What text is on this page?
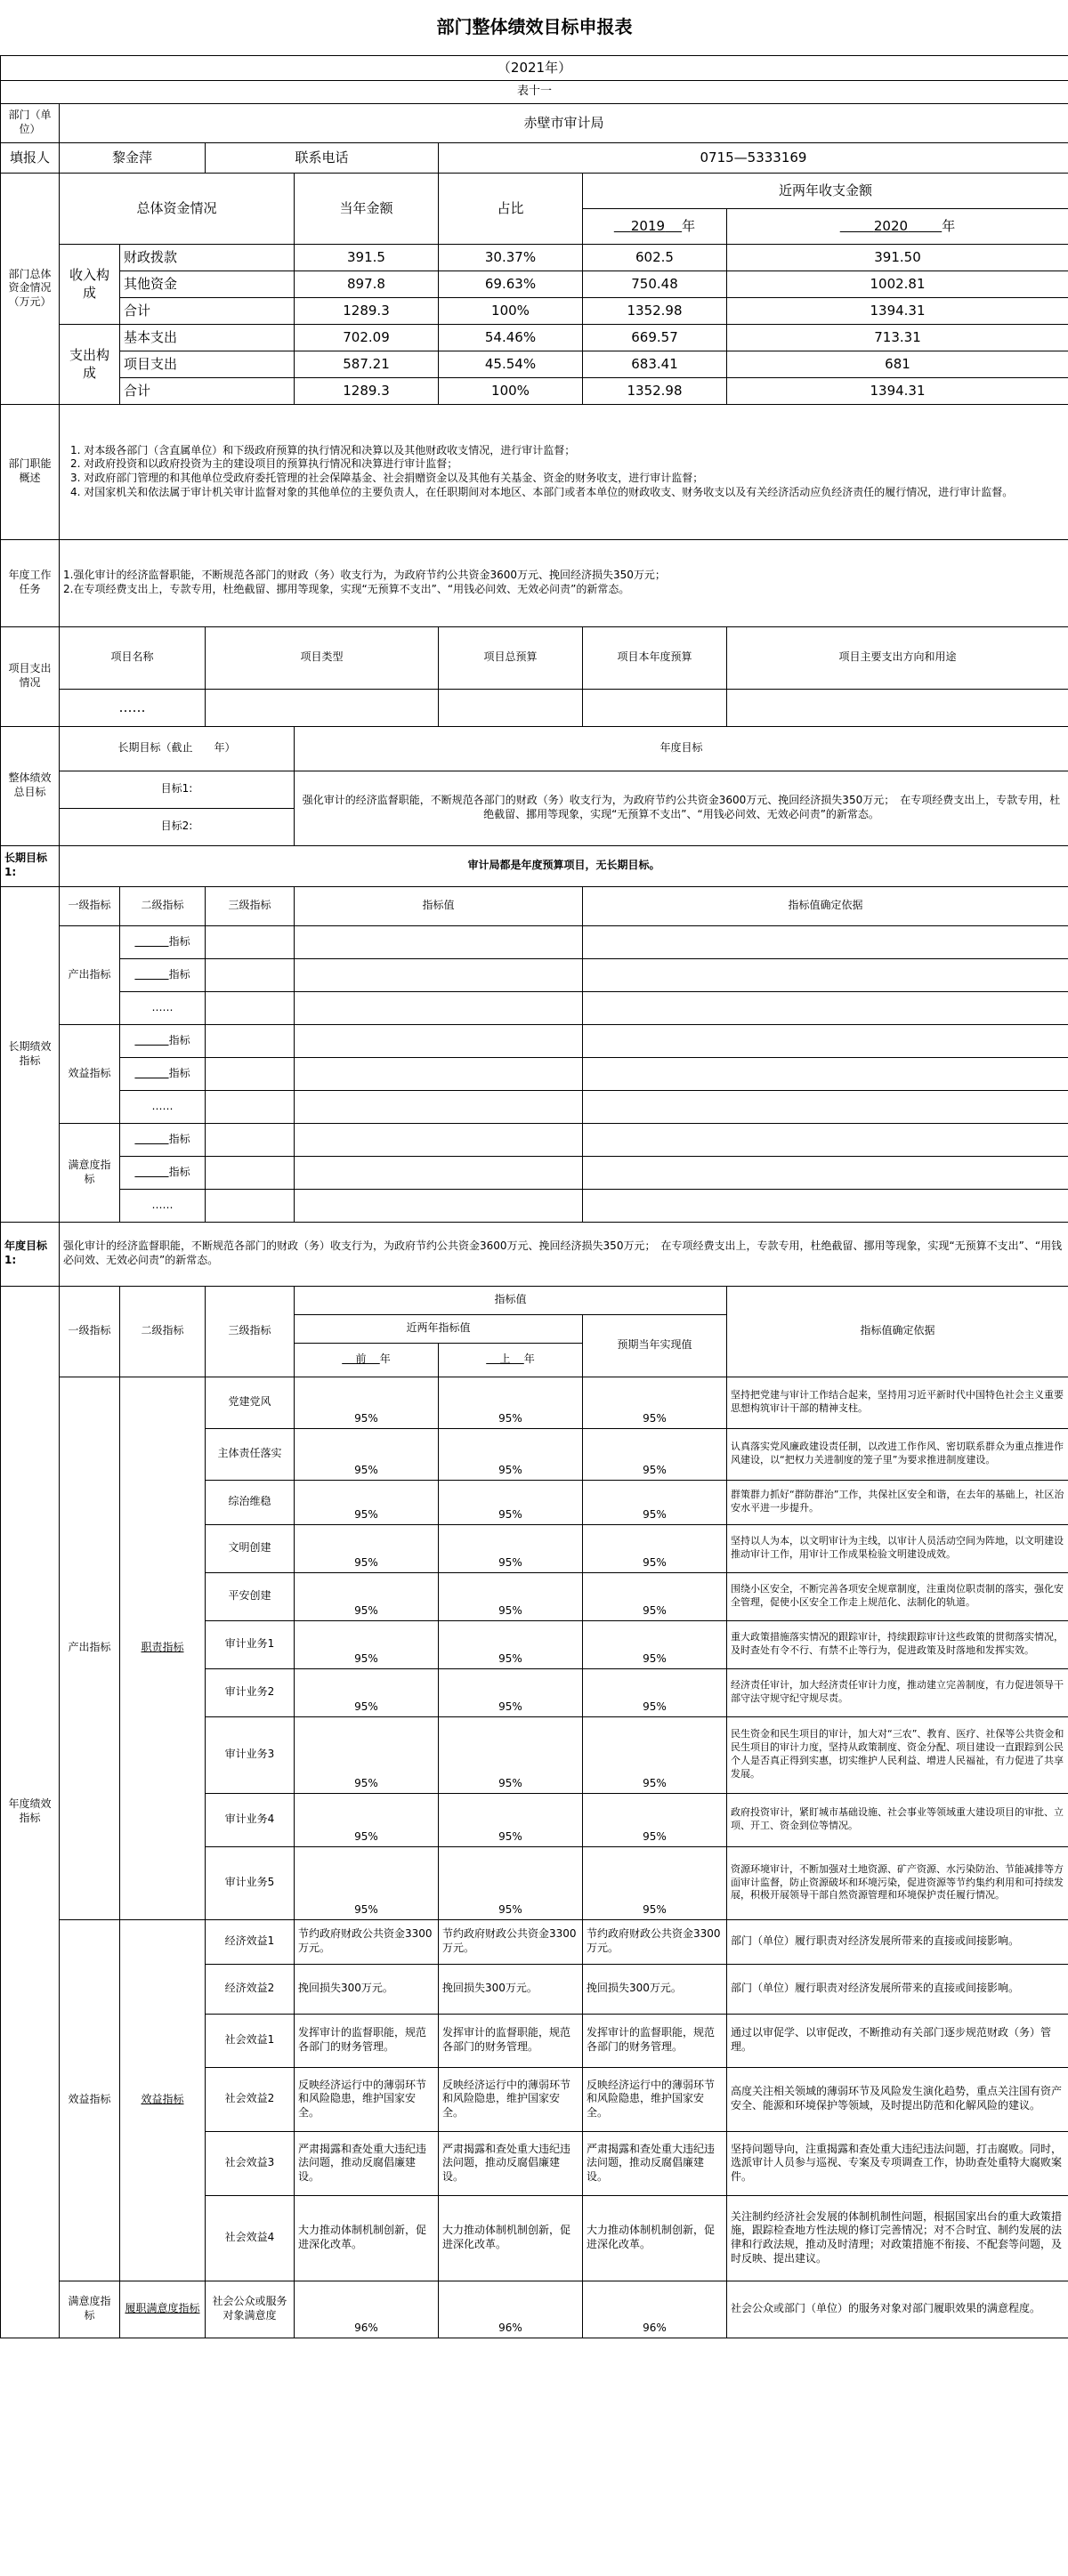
部门整体绩效目标申报表							
（2021年）							
表十一							
部门（单位）	赤壁市审计局						
填报人	黎金萍		联系电话		0715—5333169		
部门总体资金情况（万元）	总体资金情况			当年金额	占比	近两年收支金额	
						2019 年	2020 年
	收入构成	财政拨款		391.5	30.37%	602.5	391.50
		其他资金		897.8	69.63%	750.48	1002.81
		合计		1289.3	100%	1352.98	1394.31
	支出构成	基本支出		702.09	54.46%	669.57	713.31
		项目支出		587.21	45.54%	683.41	681
		合计		1289.3	100%	1352.98	1394.31
部门职能概述	1. 对本级各部门（含直属单位）和下级政府预算的执行情况和决算以及其他财政收支情况，进行审计监督；
2. 对政府投资和以政府投资为主的建设项目的预算执行情况和决算进行审计监督；
3. 对政府部门管理的和其他单位受政府委托管理的社会保障基金、社会捐赠资金以及其他有关基金、资金的财务收支，进行审计监督；
4. 对国家机关和依法属于审计机关审计监督对象的其他单位的主要负责人，在任职期间对本地区、本部门或者本单位的财政收支、财务收支以及有关经济活动应负经济责任的履行情况，进行审计监督。						

年度工作任务	1.强化审计的经济监督职能，不断规范各部门的财政（务）收支行为，为政府节约公共资金3600万元、挽回经济损失350万元；
2.在专项经费支出上，专款专用，杜绝截留、挪用等现象，实现“无预算不支出”、“用钱必问效、无效必问责”的新常态。						

项目支出情况	项目名称		项目类型		项目总预算	项目本年度预算	项目主要支出方向和用途
	……						
整体绩效总目标	长期目标（截止　　年）			年度目标			
	目标1:			强化审计的经济监督职能，不断规范各部门的财政（务）收支行为，为政府节约公共资金3600万元、挽回经济损失350万元；　在专项经费支出上，专款专用，杜绝截留、挪用等现象，实现“无预算不支出”、“用钱必问效、无效必问责”的新常态。			
	目标2:						
长期目标1:	审计局都是年度预算项目，无长期目标。						
长期绩效指标	一级指标	二级指标	三级指标	指标值		指标值确定依据	
	产出指标	指标					
		指标					
		……					
	效益指标	指标					
		指标					
		……					
	满意度指标	指标					
		指标					
		……					
年度目标1:	强化审计的经济监督职能，不断规范各部门的财政（务）收支行为，为政府节约公共资金3600万元、挽回经济损失350万元；　在专项经费支出上，专款专用，杜绝截留、挪用等现象，实现“无预算不支出”、“用钱必问效、无效必问责”的新常态。						
年度绩效指标	一级指标	二级指标	三级指标	指标值			指标值确定依据
				近两年指标值		预期当年实现值	
				前 年	上 年		
	产出指标	职责指标	党建党风	95%	95%	95%	坚持把党建与审计工作结合起来，坚持用习近平新时代中国特色社会主义重要思想构筑审计干部的精神支柱。
			主体责任落实	95%	95%	95%	认真落实党风廉政建设责任制，以改进工作作风、密切联系群众为重点推进作风建设，以“把权力关进制度的笼子里”为要求推进制度建设。
			综治维稳	95%	95%	95%	群策群力抓好“群防群治”工作，共保社区安全和谐，在去年的基础上，社区治安水平进一步提升。
			文明创建	95%	95%	95%	坚持以人为本，以文明审计为主线，以审计人员活动空间为阵地，以文明建设推动审计工作，用审计工作成果检验文明建设成效。
			平安创建	95%	95%	95%	围绕小区安全，不断完善各项安全规章制度，注重岗位职责制的落实，强化安全管理，促使小区安全工作走上规范化、法制化的轨道。
			审计业务1	95%	95%	95%	重大政策措施落实情况的跟踪审计，持续跟踪审计这些政策的贯彻落实情况，及时查处有令不行、有禁不止等行为，促进政策及时落地和发挥实效。
			审计业务2	95%	95%	95%	经济责任审计，加大经济责任审计力度，推动建立完善制度，有力促进领导干部守法守规守纪守规尽责。
			审计业务3	95%	95%	95%	民生资金和民生项目的审计，加大对“三农”、教育、医疗、社保等公共资金和民生项目的审计力度，坚持从政策制度、资金分配、项目建设一直跟踪到公民个人是否真正得到实惠，切实维护人民利益、增进人民福祉，有力促进了共享发展。
			审计业务4	95%	95%	95%	政府投资审计，紧盯城市基础设施、社会事业等领域重大建设项目的审批、立项、开工、资金到位等情况。
			审计业务5	95%	95%	95%	资源环境审计，不断加强对土地资源、矿产资源、水污染防治、节能减排等方面审计监督，防止资源破坏和环境污染，促进资源等节约集约利用和可持续发展，积极开展领导干部自然资源管理和环境保护责任履行情况。
	效益指标	效益指标	经济效益1	节约政府财政公共资金3300万元。	节约政府财政公共资金3300万元。	节约政府财政公共资金3300万元。	部门（单位）履行职责对经济发展所带来的直接或间接影响。
			经济效益2	挽回损失300万元。	挽回损失300万元。	挽回损失300万元。	部门（单位）履行职责对经济发展所带来的直接或间接影响。
			社会效益1	发挥审计的监督职能，规范各部门的财务管理。	发挥审计的监督职能，规范各部门的财务管理。	发挥审计的监督职能，规范各部门的财务管理。	通过以审促学、以审促改，不断推动有关部门逐步规范财政（务）管理。
			社会效益2	反映经济运行中的薄弱环节和风险隐患，维护国家安全。	反映经济运行中的薄弱环节和风险隐患，维护国家安全。	反映经济运行中的薄弱环节和风险隐患，维护国家安全。	高度关注相关领域的薄弱环节及风险发生演化趋势，重点关注国有资产安全、能源和环境保护等领域，及时提出防范和化解风险的建议。
			社会效益3	严肃揭露和查处重大违纪违法问题，推动反腐倡廉建设。	严肃揭露和查处重大违纪违法问题，推动反腐倡廉建设。	严肃揭露和查处重大违纪违法问题，推动反腐倡廉建设。	坚持问题导向，注重揭露和查处重大违纪违法问题，打击腐败。同时，选派审计人员参与巡视、专案及专项调查工作，协助查处重特大腐败案件。
			社会效益4	大力推动体制机制创新，促进深化改革。	大力推动体制机制创新，促进深化改革。	大力推动体制机制创新，促进深化改革。	关注制约经济社会发展的体制机制性问题，根据国家出台的重大政策措施，跟踪检查地方性法规的修订完善情况；对不合时宜、制约发展的法律和行政法规，推动及时清理；对政策措施不衔接、不配套等问题，及时反映、提出建议。
	满意度指标	履职满意度指标	社会公众或服务对象满意度	96%	96%	96%	社会公众或部门（单位）的服务对象对部门履职效果的满意程度。
